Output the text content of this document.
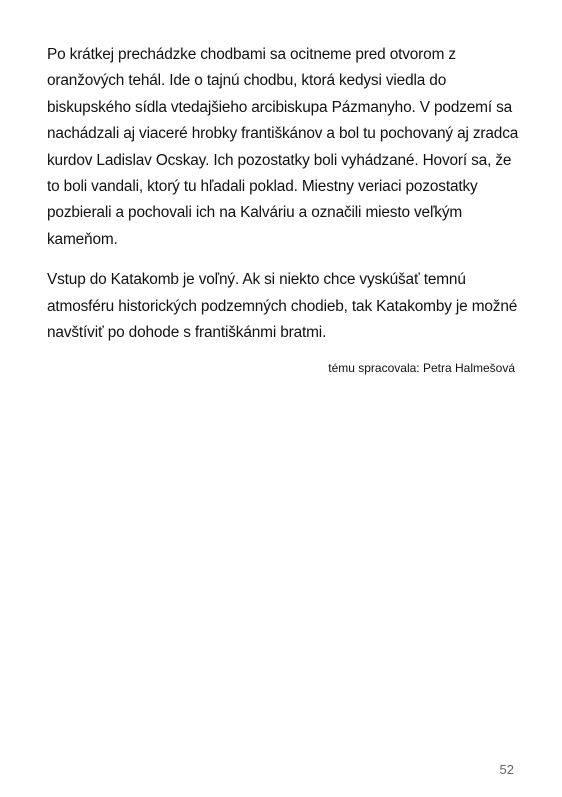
Po krátkej prechádzke chodbami sa ocitneme pred otvorom z oranžových tehál. Ide o tajnú chodbu, ktorá kedysi viedla do biskupského sídla vtedajšieho arcibiskupa Pázmanyho. V podzemí sa nachádzali aj viaceré hrobky františkánov a bol tu pochovaný aj zradca kurdov Ladislav Ocskay. Ich pozostatky boli vyhádzané. Hovorí sa, že to boli vandali, ktorý tu hľadali poklad. Miestny veriaci pozostatky pozbierali a pochovali ich na Kalváriu a označili miesto veľkým kameňom.

Vstup do Katakomb je voľný. Ak si niekto chce vyskúšať temnú atmosféru historických podzemných chodieb, tak Katakomby je možné navštíviť po dohode s františkánmi bratmi.

tému spracovala: Petra Halmešová
52
